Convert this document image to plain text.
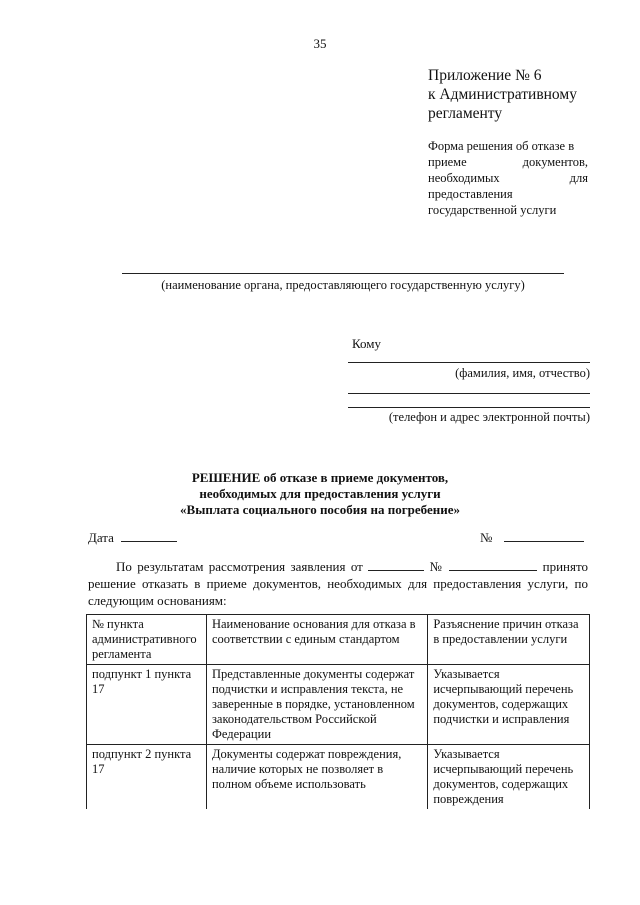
35
Приложение № 6
к Административному
регламенту
Форма решения об отказе в
приеме документов,
необходимых для
предоставления
государственной услуги
(наименование органа, предоставляющего государственную услугу)
Кому
(фамилия, имя, отчество)
(телефон и адрес электронной почты)
РЕШЕНИЕ об отказе в приеме документов,
необходимых для предоставления услуги
«Выплата социального пособия на погребение»
Дата	№
По результатам рассмотрения заявления от	№	принято
решение отказать в приеме документов, необходимых для предоставления услуги, по
следующим основаниям:
№ пункта административного регламента	Наименование основания для отказа в соответствии с единым стандартом	Разъяснение причин отказа в предоставлении услуги
подпункт 1 пункта 17	Представленные документы содержат подчистки и исправления текста, не заверенные в порядке, установленном законодательством Российской Федерации	Указывается исчерпывающий перечень документов, содержащих подчистки и исправления
подпункт 2 пункта 17	Документы содержат повреждения, наличие которых не позволяет в полном объеме использовать	Указывается исчерпывающий перечень документов, содержащих повреждения
